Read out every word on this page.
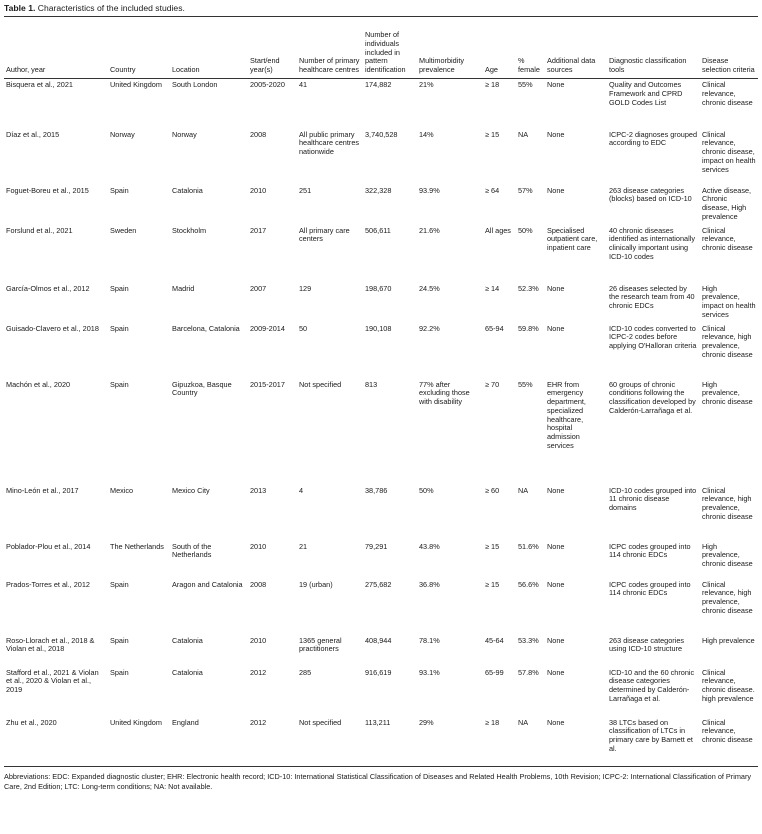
Table 1. Characteristics of the included studies.
Author, year	Country	Location	Start/end year(s)	Number of primary healthcare centres	Number of individuals included in pattern identification	Multimorbidity prevalence	Age	% female	Additional data sources	Diagnostic classification tools	Disease selection criteria
Bisquera et al., 2021	United Kingdom	South London	2005-2020	41	174,882	21%	≥ 18	55%	None	Quality and Outcomes Framework and CPRD GOLD Codes List	Clinical relevance, chronic disease
Díaz et al., 2015	Norway	Norway	2008	All public primary healthcare centres nationwide	3,740,528	14%	≥ 15	NA	None	ICPC-2 diagnoses grouped according to EDC	Clinical relevance, chronic disease, impact on health services
Foguet-Boreu et al., 2015	Spain	Catalonia	2010	251	322,328	93.9%	≥ 64	57%	None	263 disease categories (blocks) based on ICD-10	Active disease, Chronic disease, High prevalence
Forslund et al., 2021	Sweden	Stockholm	2017	All primary care centers	506,611	21.6%	All ages	50%	Specialised outpatient care, inpatient care	40 chronic diseases identified as internationally clinically important using ICD-10 codes	Clinical relevance, chronic disease
García-Olmos et al., 2012	Spain	Madrid	2007	129	198,670	24.5%	≥ 14	52.3%	None	26 diseases selected by the research team from 40 chronic EDCs	High prevalence, impact on health services
Guisado-Clavero et al., 2018	Spain	Barcelona, Catalonia	2009-2014	50	190,108	92.2%	65-94	59.8%	None	ICD-10 codes converted to ICPC-2 codes before applying O'Halloran criteria	Clinical relevance, high prevalence, chronic disease
Machón et al., 2020	Spain	Gipuzkoa, Basque Country	2015-2017	Not specified	813	77% after excluding those with disability	≥ 70	55%	EHR from emergency department, specialized healthcare, hospital admission services	60 groups of chronic conditions following the classification developed by Calderón-Larrañaga et al.	High prevalence, chronic disease
Mino-León et al., 2017	Mexico	Mexico City	2013	4	38,786	50%	≥ 60	NA	None	ICD-10 codes grouped into 11 chronic disease domains	Clinical relevance, high prevalence, chronic disease
Poblador-Plou et al., 2014	The Netherlands	South of the Netherlands	2010	21	79,291	43.8%	≥ 15	51.6%	None	ICPC codes grouped into 114 chronic EDCs	High prevalence, chronic disease
Prados-Torres et al., 2012	Spain	Aragon and Catalonia	2008	19 (urban)	275,682	36.8%	≥ 15	56.6%	None	ICPC codes grouped into 114 chronic EDCs	Clinical relevance, high prevalence, chronic disease
Roso-Llorach et al., 2018 & Violan et al., 2018	Spain	Catalonia	2010	1365 general practitioners	408,944	78.1%	45-64	53.3%	None	263 disease categories using ICD-10 structure	High prevalence
Stafford et al., 2021 & Violan et al., 2020 & Violan et al., 2019	Spain	Catalonia	2012	285	916,619	93.1%	65-99	57.8%	None	ICD-10 and the 60 chronic disease categories determined by Calderón-Larrañaga et al.	Clinical relevance, chronic disease. high prevalence
Zhu et al., 2020	United Kingdom	England	2012	Not specified	113,211	29%	≥ 18	NA	None	38 LTCs based on classification of LTCs in primary care by Barnett et al.	Clinical relevance, chronic disease
Abbreviations: EDC: Expanded diagnostic cluster; EHR: Electronic health record; ICD-10: International Statistical Classification of Diseases and Related Health Problems, 10th Revision; ICPC-2: International Classification of Primary Care, 2nd Edition; LTC: Long-term conditions; NA: Not available.
